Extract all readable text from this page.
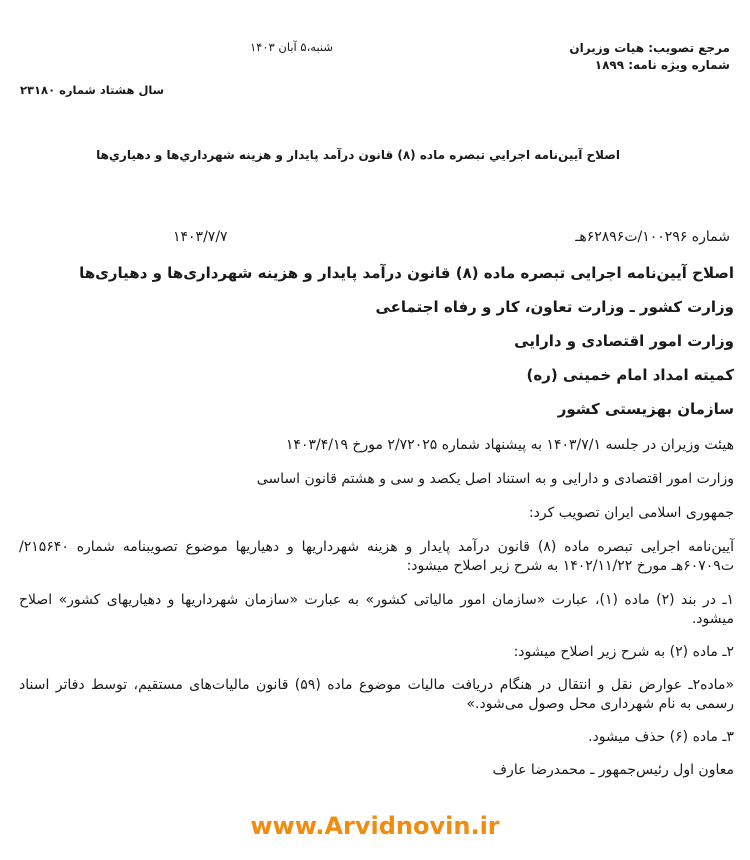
مرجع تصویب: هیات وزیران
شماره ویژه نامه: ۱۸۹۹
شنبه،۵ آبان ۱۴۰۳
سال هشتاد شماره ۲۳۱۸۰
اصلاح آيين‌نامه اجرايي تبصره ماده (۸) قانون درآمد پايدار و هزينه شهرداري‌ها و دهياري‌ها
شماره ۱۰۰۲۹۶/ت۶۲۸۹۶هـ
۱۴۰۳/۷/۷
اصلاح آیین‌نامه اجرایی تبصره ماده (۸) قانون درآمد پایدار و هزینه شهرداری‌ها و دهیاری‌ها
وزارت کشور ـ وزارت تعاون، کار و رفاه اجتماعی
وزارت امور اقتصادی و دارایی
کمیته امداد امام خمینی (ره)
سازمان بهزیستی کشور

هیئت وزیران در جلسه ۱۴۰۳/۷/۱ به پیشنهاد شماره ۲/۷۲۰۲۵ مورخ ۱۴۰۳/۴/۱۹

وزارت امور اقتصادی و دارایی و به استناد اصل یکصد و سی و هشتم قانون اساسی

جمهوری اسلامی ایران تصویب کرد:

آیین‌نامه اجرایی تبصره ماده (۸) قانون درآمد پایدار و هزینه شهرداریها و دهیاریها موضوع تصویبنامه شماره ۲۱۵۶۴۰/ت۶۰۷۰۹هـ مورخ ۱۴۰۲/۱۱/۲۲ به شرح زیر اصلاح میشود:

۱ـ در بند (۲) ماده (۱)، عبارت «سازمان امور مالیاتی کشور» به عبارت «سازمان شهرداریها و دهیاریهای کشور» اصلاح میشود.

۲ـ ماده (۲) به شرح زیر اصلاح میشود:

«ماده۲ـ عوارض نقل و انتقال در هنگام دریافت مالیات موضوع ماده (۵۹) قانون مالیات‌های مستقیم، توسط دفاتر اسناد رسمی به نام شهرداری محل وصول می‌شود.»

۳ـ ماده (۶) حذف میشود.

معاون اول رئیس‌جمهور ـ محمدرضا عارف

www.Arvidnovin.ir
